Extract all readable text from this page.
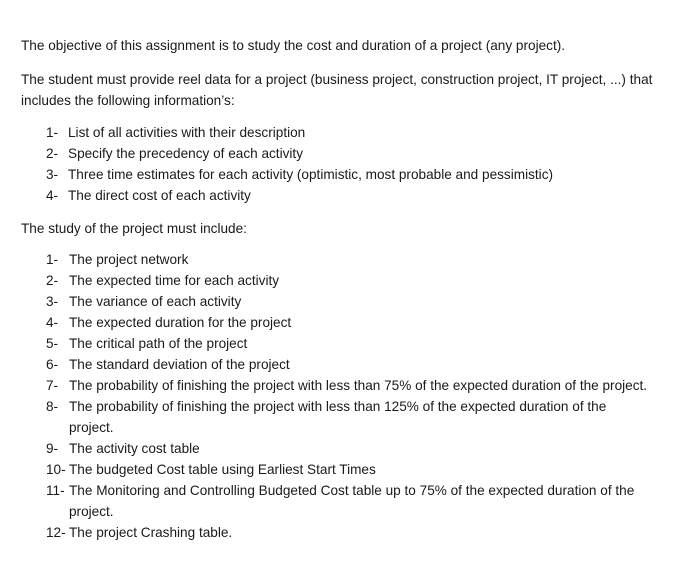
The objective of this assignment is to study the cost and duration of a project (any project).

The student must provide reel data for a project (business project, construction project, IT project, ...) that includes the following information’s:

1- List of all activities with their description
2- Specify the precedency of each activity
3- Three time estimates for each activity (optimistic, most probable and pessimistic)
4- The direct cost of each activity

The study of the project must include:

1- The project network
2- The expected time for each activity
3- The variance of each activity
4- The expected duration for the project
5- The critical path of the project
6- The standard deviation of the project
7- The probability of finishing the project with less than 75% of the expected duration of the project.
8- The probability of finishing the project with less than 125% of the expected duration of the project.
9- The activity cost table
10- The budgeted Cost table using Earliest Start Times
11- The Monitoring and Controlling Budgeted Cost table up to 75% of the expected duration of the project.
12- The project Crashing table.
